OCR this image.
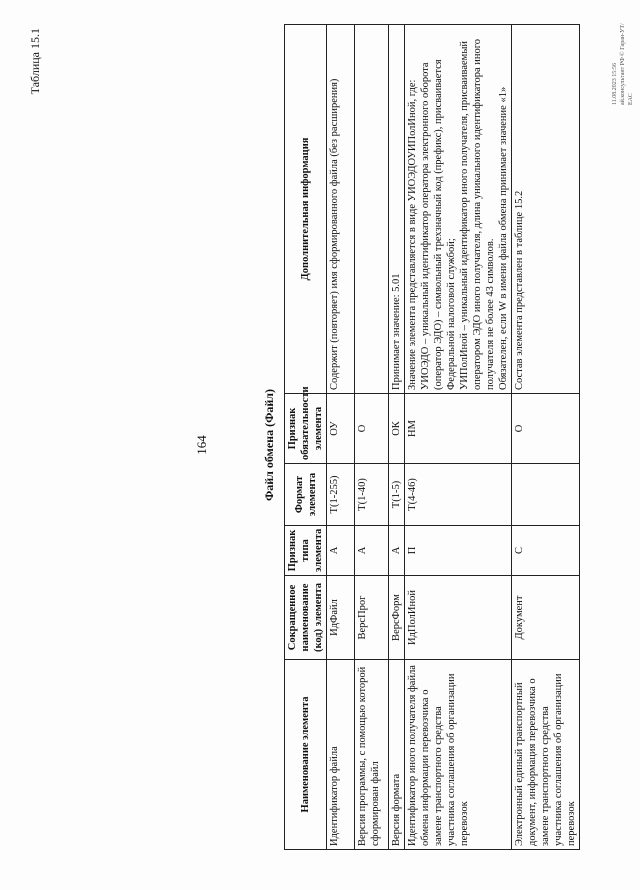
164
Таблица 15.1
Файл обмена (Файл)
Наименование элемента	Сокращенное наименование (код) элемента	Признак типа элемента	Формат элемента	Признак обязательности элемента	Дополнительная информация
Идентификатор файла	ИдФайл	А	Т(1-255)	ОУ	Содержит (повторяет) имя сформированного файла (без расширения)

Версия программы, с помощью которой сформирован файл	ВерсПрог	А	Т(1-40)	О	

Версия формата	ВерсФорм	А	Т(1-5)	ОК	Принимает значение: 5.01

Идентификатор иного получателя файла обмена информации перевозчика о замене транспортного средства участника соглашения об организации перевозок	ИдПолИной	П	Т(4-46)	НМ	Значение элемента представляется в виде УИОЭДОУИПолИной, где: УИОЭДО – уникальный идентификатор оператора электронного оборота (оператор ЭДО) – символьный трехзначный код (префикс), присваивается Федеральной налоговой службой; УИПолИной – уникальный идентификатор иного получателя, присваиваемый оператором ЭДО иного получателя, длина уникального идентификатора иного получателя не более 43 символов. Обязателен, если W в имени файла обмена принимает значение «1»

Электронный единый транспортный документ, информация перевозчика о замене транспортного средства участника соглашения об организации перевозок	Документ	С		О	Состав элемента представлен в таблице 15.2
11.08.2023 15:56 ай.консультант РФ © Гаран-УТ/ЕАС
